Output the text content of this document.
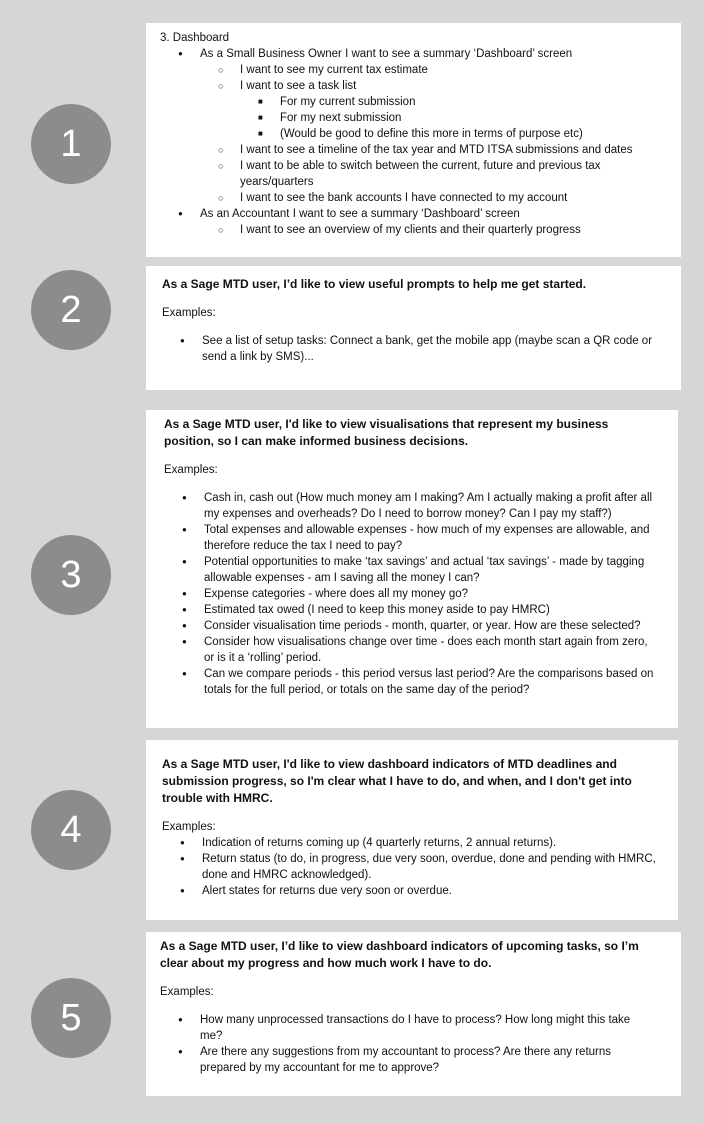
1
2
3
4
5

3. Dashboard

● As a Small Business Owner I want to see a summary ‘Dashboard’ screen
○ I want to see my current tax estimate
○ I want to see a task list
■ For my current submission
■ For my next submission
■ (Would be good to define this more in terms of purpose etc)
○ I want to see a timeline of the tax year and MTD ITSA submissions and dates
○ I want to be able to switch between the current, future and previous tax years/quarters
○ I want to see the bank accounts I have connected to my account
● As an Accountant I want to see a summary ‘Dashboard’ screen
○ I want to see an overview of my clients and their quarterly progress

As a Sage MTD user, I’d like to view useful prompts to help me get started.

Examples:

● See a list of setup tasks: Connect a bank, get the mobile app (maybe scan a QR code or send a link by SMS)...

As a Sage MTD user, I'd like to view visualisations that represent my business position, so I can make informed business decisions.

Examples:

● Cash in, cash out (How much money am I making? Am I actually making a profit after all my expenses and overheads? Do I need to borrow money? Can I pay my staff?)
● Total expenses and allowable expenses - how much of my expenses are allowable, and therefore reduce the tax I need to pay?
● Potential opportunities to make ‘tax savings’ and actual ‘tax savings’ - made by tagging allowable expenses - am I saving all the money I can?
● Expense categories - where does all my money go?
● Estimated tax owed (I need to keep this money aside to pay HMRC)
● Consider visualisation time periods - month, quarter, or year. How are these selected?
● Consider how visualisations change over time - does each month start again from zero, or is it a ‘rolling’ period.
● Can we compare periods - this period versus last period? Are the comparisons based on totals for the full period, or totals on the same day of the period?

As a Sage MTD user, I'd like to view dashboard indicators of MTD deadlines and submission progress, so I'm clear what I have to do, and when, and I don't get into trouble with HMRC.

Examples:

● Indication of returns coming up (4 quarterly returns, 2 annual returns).
● Return status (to do, in progress, due very soon, overdue, done and pending with HMRC, done and HMRC acknowledged).
● Alert states for returns due very soon or overdue.

As a Sage MTD user, I’d like to view dashboard indicators of upcoming tasks, so I’m clear about my progress and how much work I have to do.

Examples:

● How many unprocessed transactions do I have to process? How long might this take me?
● Are there any suggestions from my accountant to process? Are there any returns prepared by my accountant for me to approve?
